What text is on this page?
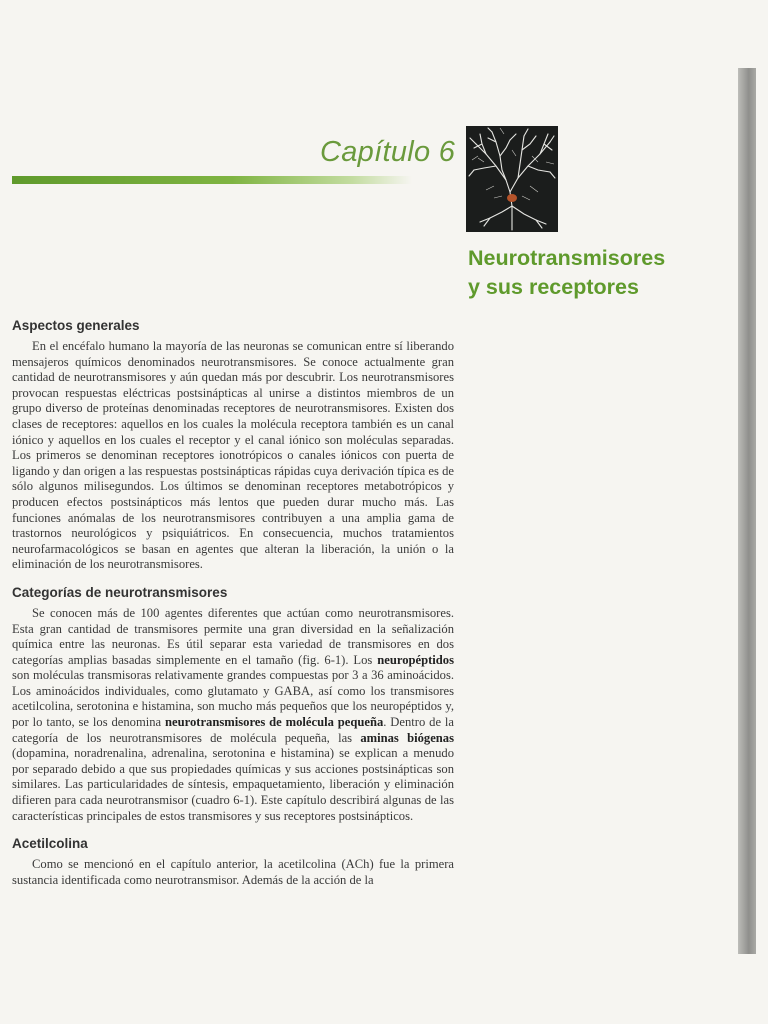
Capítulo 6
Neurotransmisores
y sus receptores
Aspectos generales

En el encéfalo humano la mayoría de las neuronas se comunican entre sí liberando mensajeros químicos denominados neurotransmisores. Se conoce actualmente gran cantidad de neurotransmisores y aún quedan más por descubrir. Los neurotransmisores provocan respuestas eléctricas postsinápticas al unirse a distintos miembros de un grupo diverso de proteínas denominadas receptores de neurotransmisores. Existen dos clases de receptores: aquellos en los cuales la molécula receptora también es un canal iónico y aquellos en los cuales el receptor y el canal iónico son moléculas separadas. Los primeros se denominan receptores ionotrópicos o canales iónicos con puerta de ligando y dan origen a las respuestas postsinápticas rápidas cuya derivación típica es de sólo algunos milisegundos. Los últimos se denominan receptores metabotrópicos y producen efectos postsinápticos más lentos que pueden durar mucho más. Las funciones anómalas de los neurotransmisores contribuyen a una amplia gama de trastornos neurológicos y psiquiátricos. En consecuencia, muchos tratamientos neurofarmacológicos se basan en agentes que alteran la liberación, la unión o la eliminación de los neurotransmisores.

Categorías de neurotransmisores

Se conocen más de 100 agentes diferentes que actúan como neurotransmisores. Esta gran cantidad de transmisores permite una gran diversidad en la señalización química entre las neuronas. Es útil separar esta variedad de transmisores en dos categorías amplias basadas simplemente en el tamaño (fig. 6-1). Los neuropéptidos son moléculas transmisoras relativamente grandes compuestas por 3 a 36 aminoácidos. Los aminoácidos individuales, como glutamato y GABA, así como los transmisores acetilcolina, serotonina e histamina, son mucho más pequeños que los neuropéptidos y, por lo tanto, se los denomina neurotransmisores de molécula pequeña. Dentro de la categoría de los neurotransmisores de molécula pequeña, las aminas biógenas (dopamina, noradrenalina, adrenalina, serotonina e histamina) se explican a menudo por separado debido a que sus propiedades químicas y sus acciones postsinápticas son similares. Las particularidades de síntesis, empaquetamiento, liberación y eliminación difieren para cada neurotransmisor (cuadro 6-1). Este capítulo describirá algunas de las características principales de estos transmisores y sus receptores postsinápticos.

Acetilcolina

Como se mencionó en el capítulo anterior, la acetilcolina (ACh) fue la primera sustancia identificada como neurotransmisor. Además de la acción de la
